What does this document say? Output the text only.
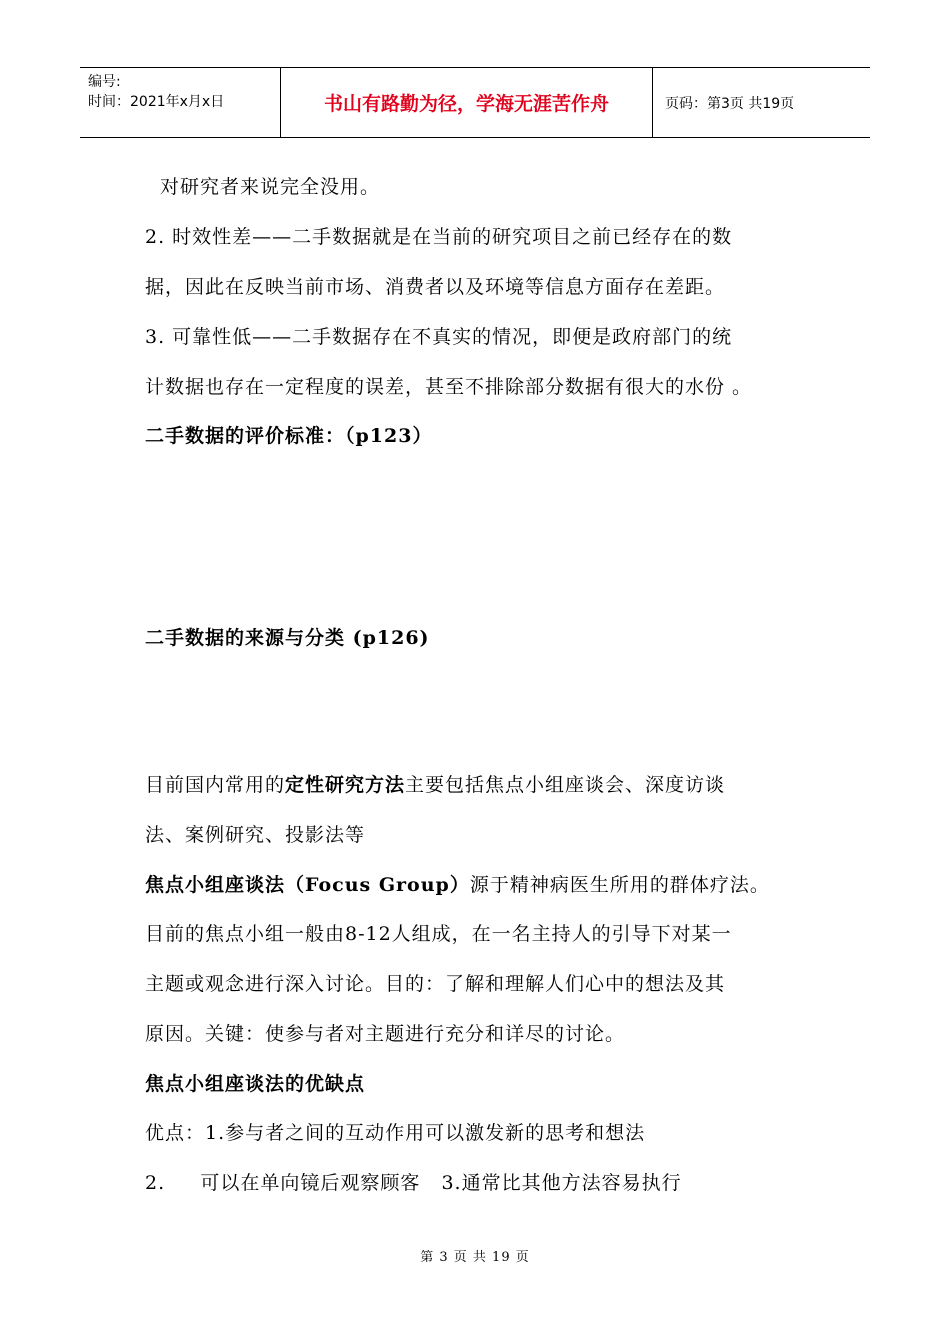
编号:
时间：2021年x月x日	书山有路勤为径，学海无涯苦作舟	页码：第3页 共19页
对研究者来说完全没用。
2. 时效性差——二手数据就是在当前的研究项目之前已经存在的数
据，因此在反映当前市场、消费者以及环境等信息方面存在差距。
3. 可靠性低——二手数据存在不真实的情况，即便是政府部门的统
计数据也存在一定程度的误差，甚至不排除部分数据有很大的水份 。
二手数据的评价标准：（p123）
二手数据的来源与分类 (p126)
目前国内常用的定性研究方法主要包括焦点小组座谈会、深度访谈
法、案例研究、投影法等
焦点小组座谈法（Focus Group）源于精神病医生所用的群体疗法。
目前的焦点小组一般由8-12人组成，在一名主持人的引导下对某一
主题或观念进行深入讨论。目的：了解和理解人们心中的想法及其
原因。关键：使参与者对主题进行充分和详尽的讨论。
焦点小组座谈法的优缺点
优点：1.参与者之间的互动作用可以激发新的思考和想法
2.     可以在单向镜后观察顾客   3.通常比其他方法容易执行
第 3 页 共 19 页
